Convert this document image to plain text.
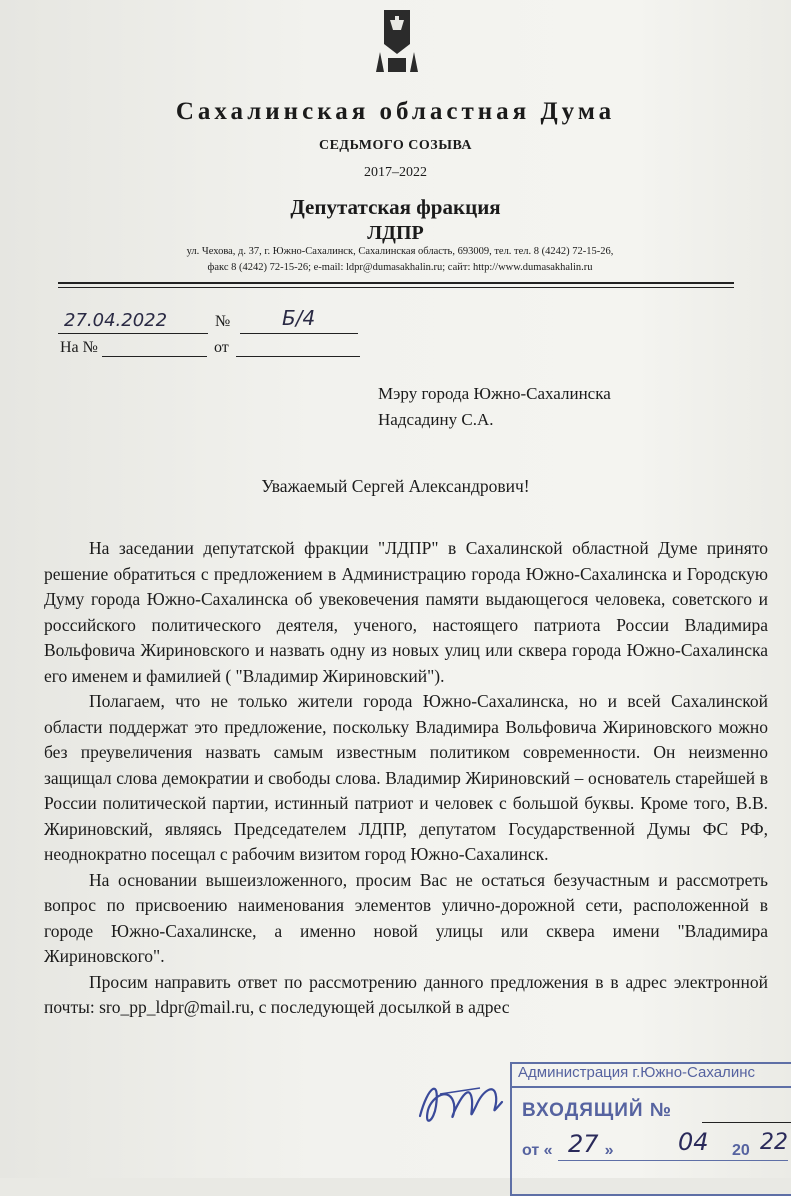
Сахалинская областная Дума
СЕДЬМОГО СОЗЫВА
2017–2022
Депутатская фракция
ЛДПР
ул. Чехова, д. 37, г. Южно-Сахалинск, Сахалинская область, 693009, тел. тел. 8 (4242) 72-15-26,
факс 8 (4242) 72-15-26; e-mail: ldpr@dumasakhalin.ru; сайт: http://www.dumasakhalin.ru
27.04.2022	№	Б/4
На №	от
Мэру города Южно-Сахалинска
Надсадину С.А.
Уважаемый Сергей Александрович!

На заседании депутатской фракции "ЛДПР" в Сахалинской областной Думе принято решение обратиться с предложением в Администрацию города Южно-Сахалинска и Городскую Думу города Южно-Сахалинска об увековечения памяти выдающегося человека, советского и российского политического деятеля, ученого, настоящего патриота России Владимира Вольфовича Жириновского и назвать одну из новых улиц или сквера города Южно-Сахалинска его именем и фамилией ( "Владимир Жириновский").

Полагаем, что не только жители города Южно-Сахалинска, но и всей Сахалинской области поддержат это предложение, поскольку Владимира Вольфовича Жириновского можно без преувеличения назвать самым известным политиком современности. Он неизменно защищал слова демократии и свободы слова. Владимир Жириновский – основатель старейшей в России политической партии, истинный патриот и человек с большой буквы. Кроме того, В.В. Жириновский, являясь Председателем ЛДПР, депутатом Государственной Думы ФС РФ, неоднократно посещал с рабочим визитом город Южно-Сахалинск.

На основании вышеизложенного, просим Вас не остаться безучастным и рассмотреть вопрос по присвоению наименования элементов улично-дорожной сети, расположенной в городе Южно-Сахалинске, а именно новой улицы или сквера имени "Владимира Жириновского".

Просим направить ответ по рассмотрению данного предложения в в адрес электронной почты: sro_pp_ldpr@mail.ru, с последующей досылкой в адрес

Администрация г.Южно-Сахалинс
ВХОДЯЩИЙ №
от «	»
27	04 20 22
